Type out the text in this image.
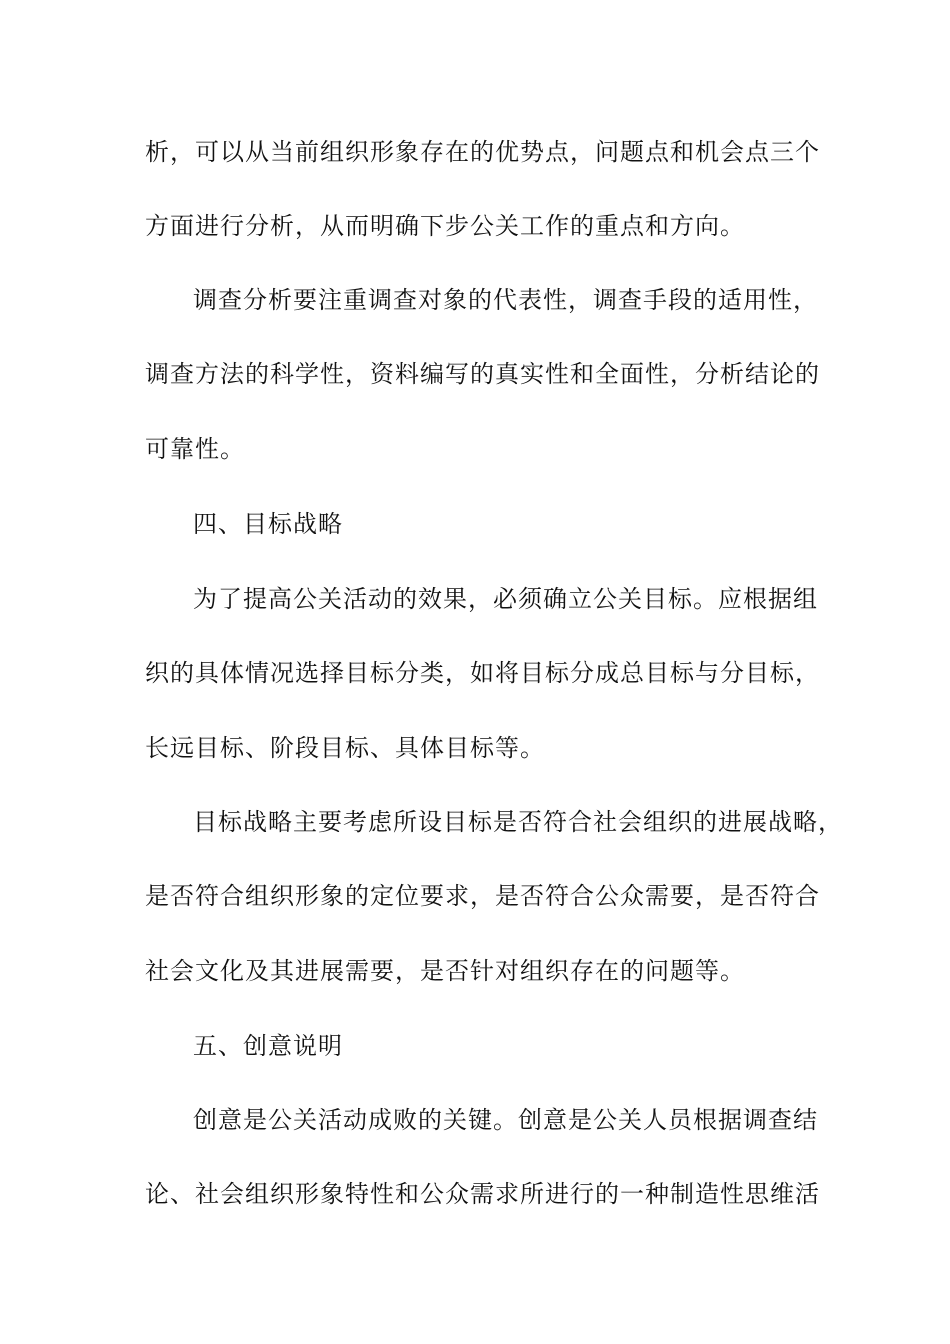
析，可以从当前组织形象存在的优势点，问题点和机会点三个
方面进行分析，从而明确下步公关工作的重点和方向。
调查分析要注重调查对象的代表性，调查手段的适用性，
调查方法的科学性，资料编写的真实性和全面性，分析结论的
可靠性。
四、目标战略
为了提高公关活动的效果，必须确立公关目标。应根据组
织的具体情况选择目标分类，如将目标分成总目标与分目标，
长远目标、阶段目标、具体目标等。
目标战略主要考虑所设目标是否符合社会组织的进展战略，
是否符合组织形象的定位要求，是否符合公众需要，是否符合
社会文化及其进展需要，是否针对组织存在的问题等。
五、创意说明
创意是公关活动成败的关键。创意是公关人员根据调查结
论、社会组织形象特性和公众需求所进行的一种制造性思维活
